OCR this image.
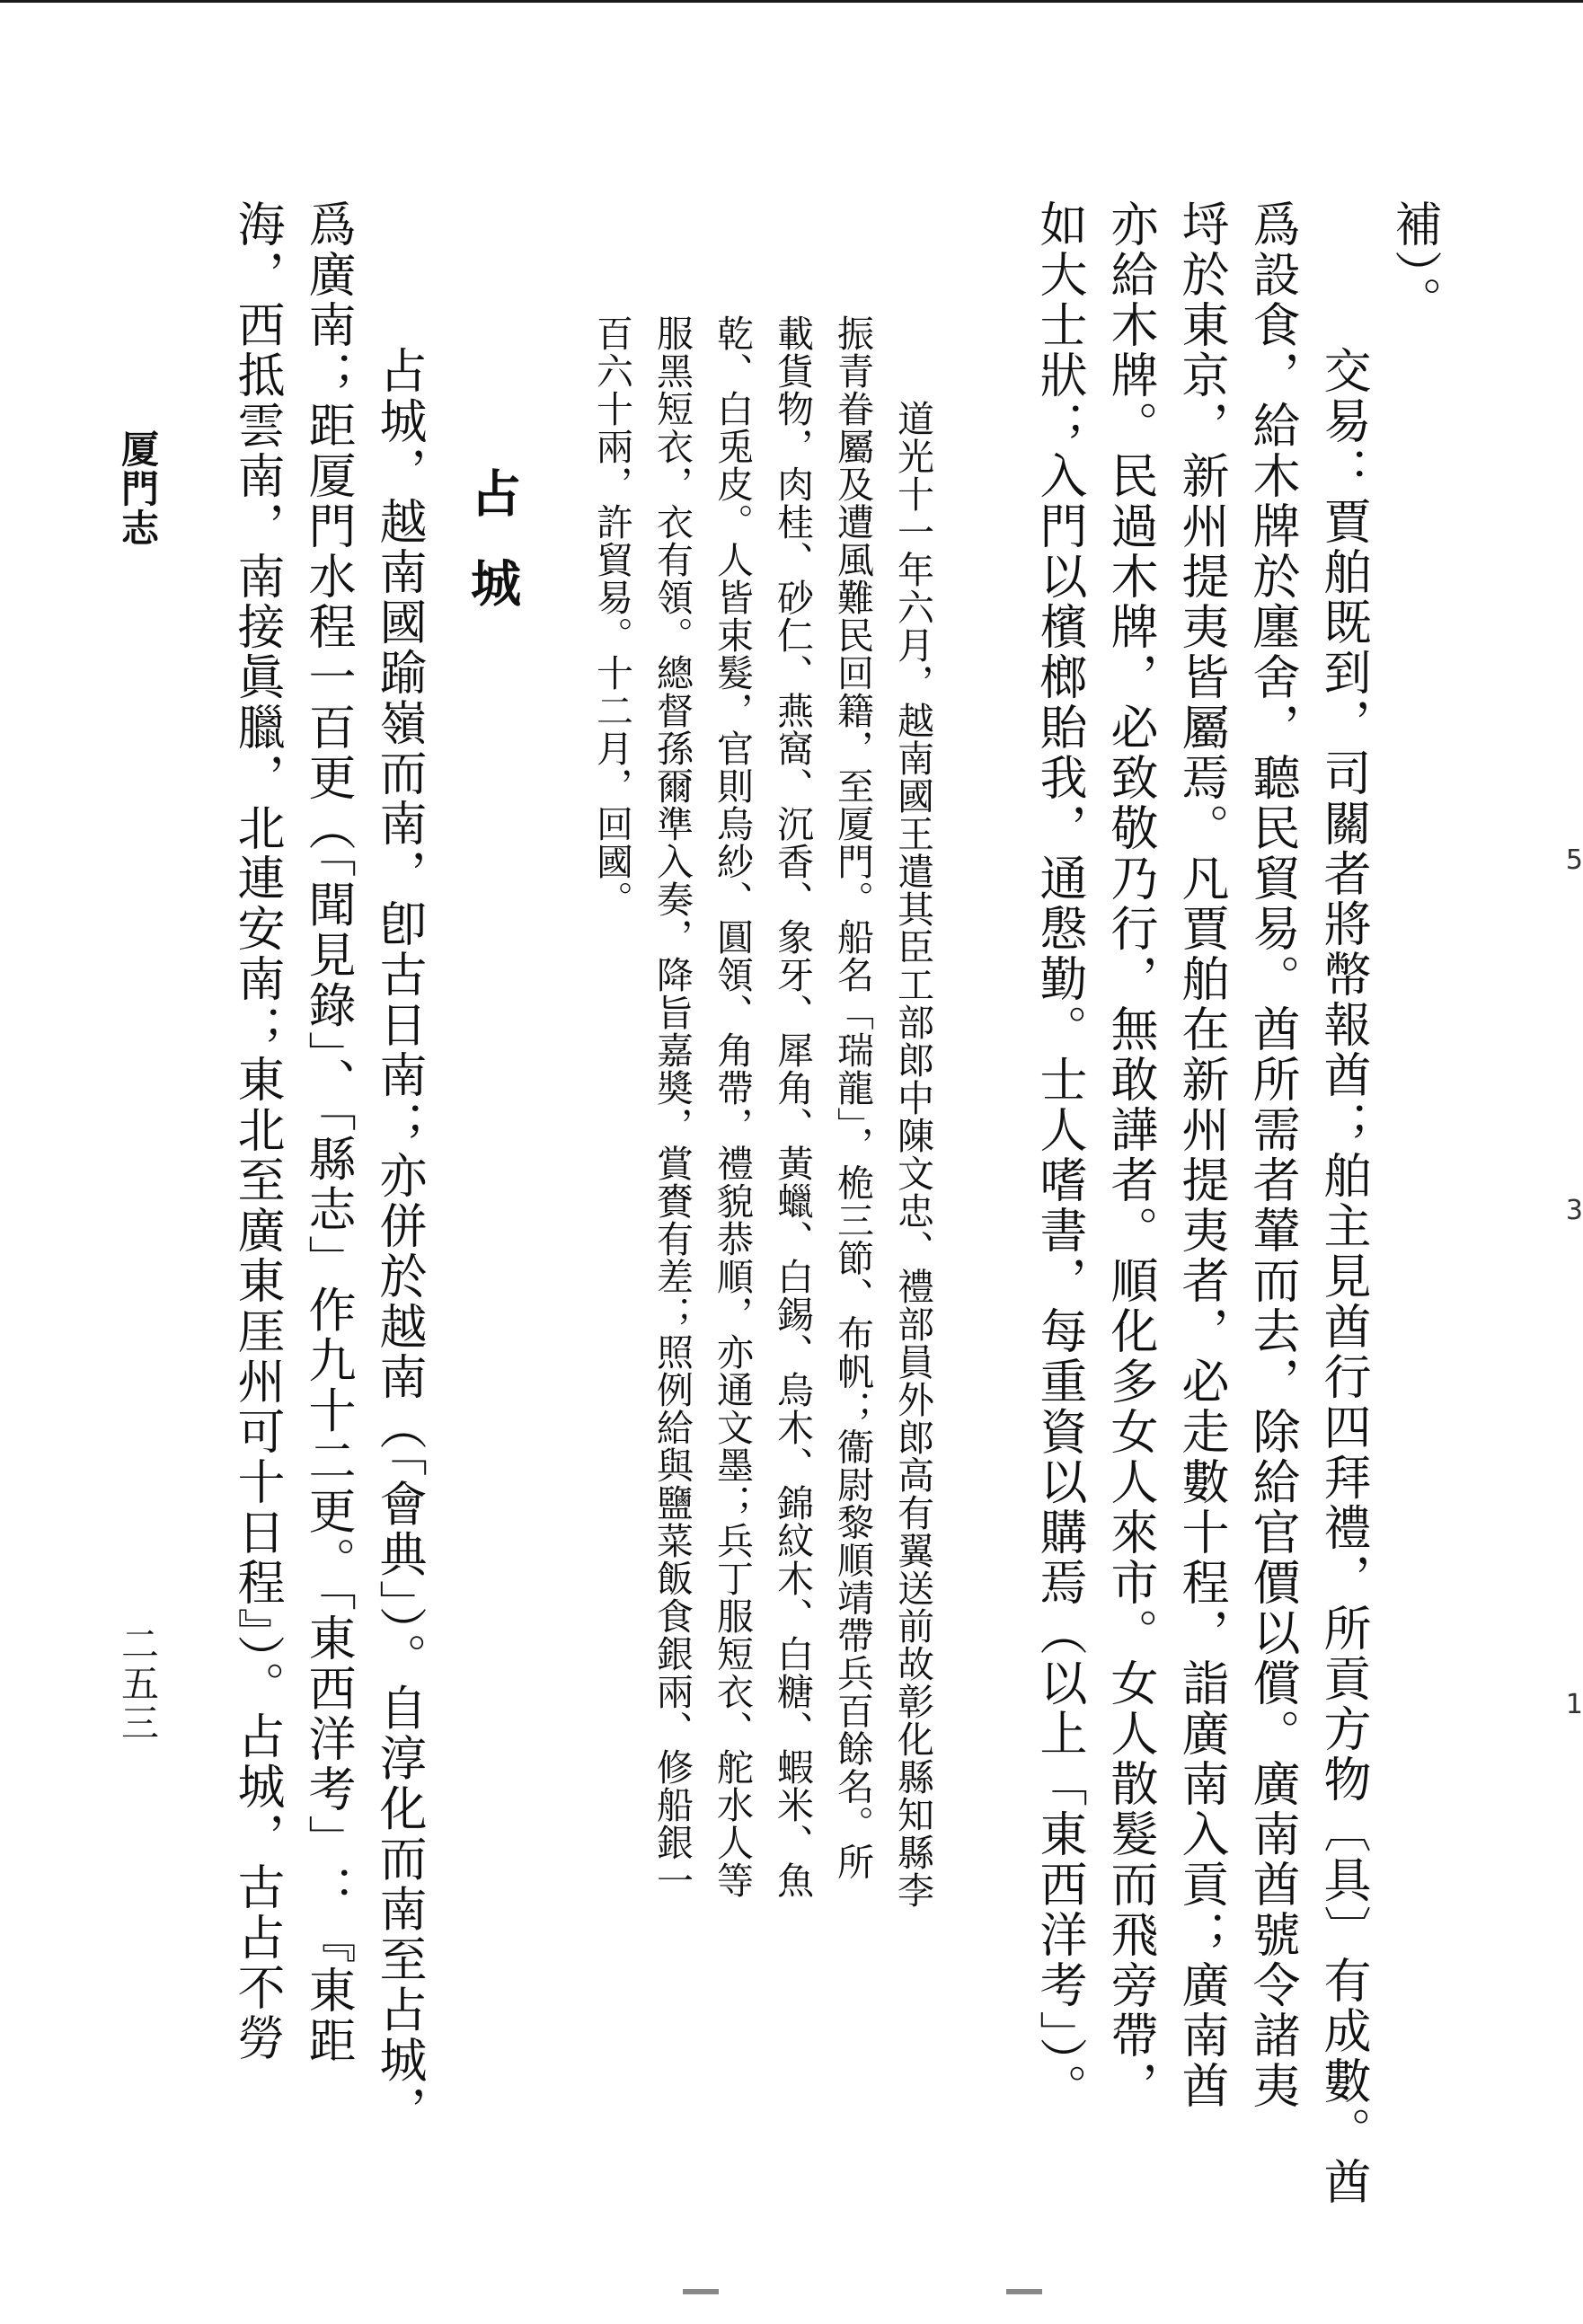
補）。
交易：賈舶既到，司關者將幣報酋；舶主見酋行四拜禮，所貢方物〔具〕有成數。酋
爲設食，給木牌於廛舍，聽民貿易。酋所需者輦而去，除給官價以償。廣南酋號令諸夷
埒於東京，新州提夷皆屬焉。凡賈舶在新州提夷者，必走數十程，詣廣南入貢；廣南酋
亦給木牌。民過木牌，必致敬乃行，無敢譁者。順化多女人來市。女人散髮而飛旁帶，
如大士狀；入門以檳榔貽我，通慇勤。士人嗜書，每重資以購焉（以上「東西洋考」）。
道光十一年六月，越南國王遣其臣工部郎中陳文忠、禮部員外郎高有翼送前故彰化縣知縣李
振青眷屬及遭風難民回籍，至厦門。船名「瑞龍」，桅三節、布帆；衞尉黎順靖帶兵百餘名。所
載貨物，肉桂、砂仁、燕窩、沉香、象牙、犀角、黃蠟、白錫、烏木、錦紋木、白糖、蝦米、魚
乾、白兎皮。人皆束髮，官則烏紗、圓領、角帶，禮貌恭順，亦通文墨；兵丁服短衣、舵水人等
服黑短衣，衣有領。總督孫爾準入奏，降旨嘉奬，賞賚有差；照例給與鹽菜飯食銀兩、修船銀一
百六十兩，許貿易。十二月，回國。
占城
占城，越南國踰嶺而南，卽古日南；亦併於越南（「會典」）。自淳化而南至占城，
爲廣南；距厦門水程一百更（「聞見錄」、「縣志」作九十二更。「東西洋考」：『東距
海，西抵雲南，南接眞臘，北連安南；東北至廣東厓州可十日程』）。占城，古占不勞
厦門志
二五三
5
3
1
